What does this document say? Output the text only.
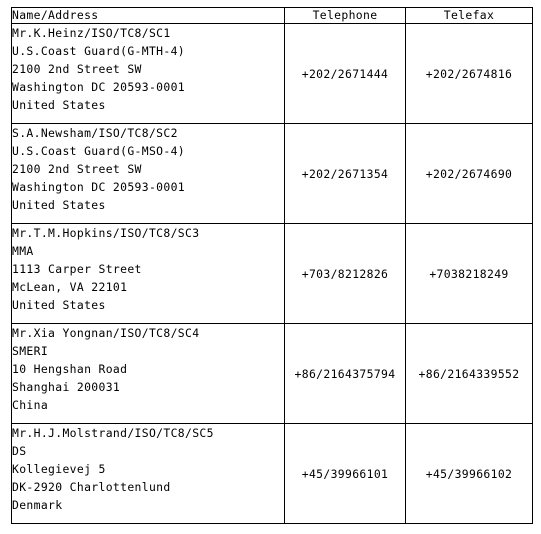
Name/Address	Telephone	Telefax

Mr.K.Heinz/ISO/TC8/SC1
U.S.Coast Guard(G-MTH-4)
2100 2nd Street SW
Washington DC 20593-0001
United States	+202/2671444	+202/2674816

S.A.Newsham/ISO/TC8/SC2
U.S.Coast Guard(G-MSO-4)
2100 2nd Street SW
Washington DC 20593-0001
United States	+202/2671354	+202/2674690

Mr.T.M.Hopkins/ISO/TC8/SC3
MMA
1113 Carper Street
McLean, VA 22101
United States	+703/8212826	+7038218249

Mr.Xia Yongnan/ISO/TC8/SC4
SMERI
10 Hengshan Road
Shanghai 200031
China	+86/2164375794	+86/2164339552

Mr.H.J.Molstrand/ISO/TC8/SC5
DS
Kollegievej 5
DK-2920 Charlottenlund
Denmark	+45/39966101	+45/39966102
